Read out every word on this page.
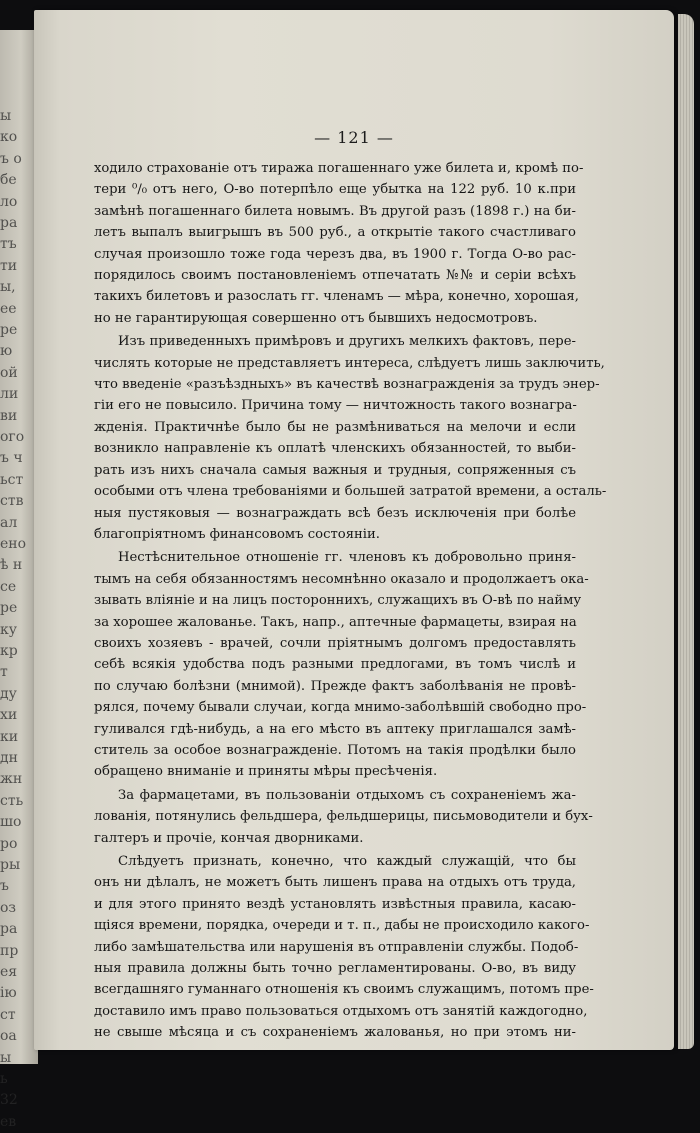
ы
ко
ъ о
бе
ло
ра
тъ
ти
ы,
ее
ре
ю
ой
ли
ви
ого
ъ ч
ьст
ств
ал
ено
ѣ н
се
ре
ку
кр
т
ду
хи
ки
дн
жн
сть
шо
ро
ры
ъ
оз
ра
пр
ея
ію
ст
оа
ы
ь
32
ев
— 121 —
ходило страхованіе отъ тиража погашеннаго уже билета и, кромѣ по-
тери ⁰/₀ отъ него, О-во потерпѣло еще убытка на 122 руб. 10 к.при
замѣнѣ погашеннаго билета новымъ. Въ другой разъ (1898 г.) на би-
летъ выпалъ выигрышъ въ 500 руб., а открытіе такого счастливаго
случая произошло тоже года черезъ два, въ 1900 г. Тогда О-во рас-
порядилось своимъ постановленіемъ отпечатать №№ и серіи всѣхъ
такихъ билетовъ и разослать гг. членамъ — мѣра, конечно, хорошая,
но не гарантирующая совершенно отъ бывшихъ недосмотровъ.
Изъ приведенныхъ примѣровъ и другихъ мелкихъ фактовъ, пере-
числять которые не представляетъ интереса, слѣдуетъ лишь заключить,
что введеніе «разъѣздныхъ» въ качествѣ вознагражденія за трудъ энер-
гіи его не повысило. Причина тому — ничтожность такого вознагра-
жденія. Практичнѣе было бы не размѣниваться на мелочи и если
возникло направленіе къ оплатѣ членскихъ обязанностей, то выби-
рать изъ нихъ сначала самыя важныя и трудныя, сопряженныя съ
особыми отъ члена требованіями и большей затратой времени, а осталь-
ныя пустяковыя — вознаграждать всѣ безъ исключенія при болѣе
благопріятномъ финансовомъ состояніи.
Нестѣснительное отношеніе гг. членовъ къ добровольно приня-
тымъ на себя обязанностямъ несомнѣнно оказало и продолжаетъ ока-
зывать вліяніе и на лицъ постороннихъ, служащихъ въ О-вѣ по найму
за хорошее жалованье. Такъ, напр., аптечные фармацеты, взирая на
своихъ хозяевъ - врачей, сочли пріятнымъ долгомъ предоставлять
себѣ всякія удобства подъ разными предлогами, въ томъ числѣ и
по случаю болѣзни (мнимой). Прежде фактъ заболѣванія не провѣ-
рялся, почему бывали случаи, когда мнимо-заболѣвшій свободно про-
гуливался гдѣ-нибудь, а на его мѣсто въ аптеку приглашался замѣ-
ститель за особое вознагражденіе. Потомъ на такія продѣлки было
обращено вниманіе и приняты мѣры пресѣченія.
За фармацетами, въ пользованіи отдыхомъ съ сохраненіемъ жа-
лованія, потянулись фельдшера, фельдшерицы, письмоводители и бух-
галтеръ и прочіе, кончая дворниками.
Слѣдуетъ признать, конечно, что каждый служащій, что бы
онъ ни дѣлалъ, не можетъ быть лишенъ права на отдыхъ отъ труда,
и для этого принято вездѣ установлять извѣстныя правила, касаю-
щіяся времени, порядка, очереди и т. п., дабы не происходило какого-
либо замѣшательства или нарушенія въ отправленіи службы. Подоб-
ныя правила должны быть точно регламентированы. О-во, въ виду
всегдашняго гуманнаго отношенія къ своимъ служащимъ, потомъ пре-
доставило имъ право пользоваться отдыхомъ отъ занятій каждогодно,
не свыше мѣсяца и съ сохраненіемъ жалованья, но при этомъ ни-
